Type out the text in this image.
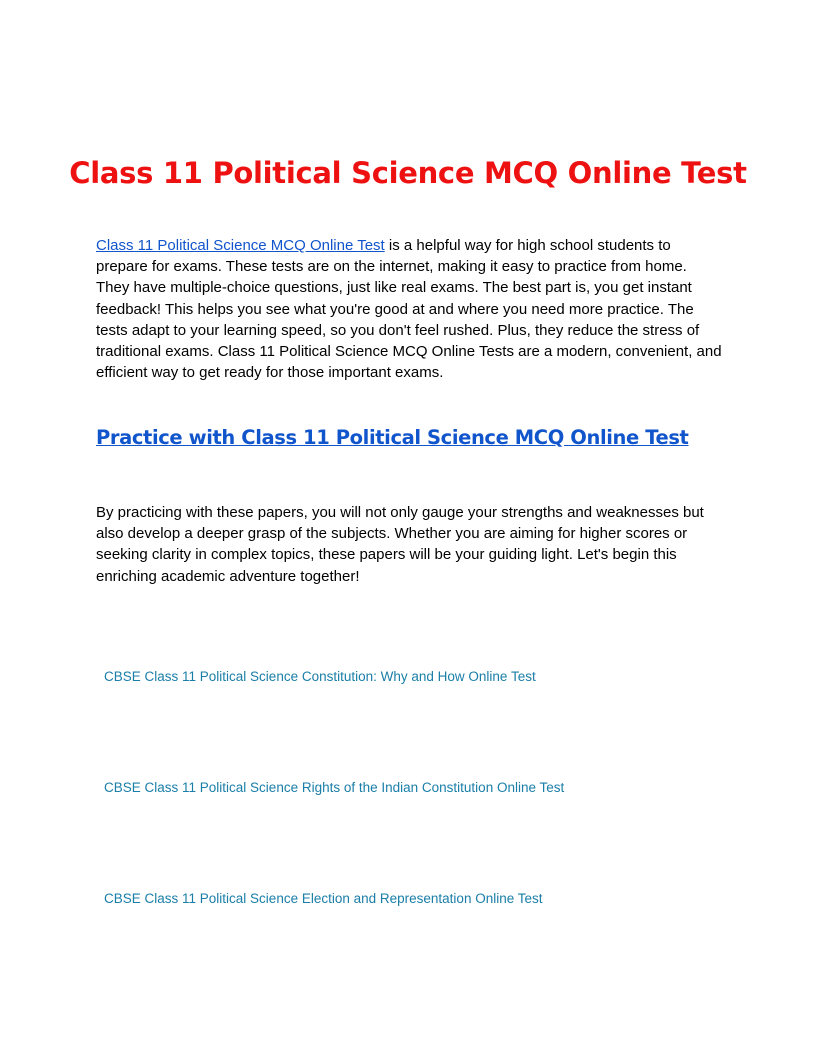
Class 11 Political Science MCQ Online Test

Class 11 Political Science MCQ Online Test is a helpful way for high school students to prepare for exams. These tests are on the internet, making it easy to practice from home. They have multiple-choice questions, just like real exams. The best part is, you get instant feedback! This helps you see what you're good at and where you need more practice. The tests adapt to your learning speed, so you don't feel rushed. Plus, they reduce the stress of traditional exams. Class 11 Political Science MCQ Online Tests are a modern, convenient, and efficient way to get ready for those important exams.

Practice with Class 11 Political Science MCQ Online Test

By practicing with these papers, you will not only gauge your strengths and weaknesses but also develop a deeper grasp of the subjects. Whether you are aiming for higher scores or seeking clarity in complex topics, these papers will be your guiding light. Let's begin this enriching academic adventure together!

CBSE Class 11 Political Science Constitution: Why and How Online Test
CBSE Class 11 Political Science Rights of the Indian Constitution Online Test
CBSE Class 11 Political Science Election and Representation Online Test
